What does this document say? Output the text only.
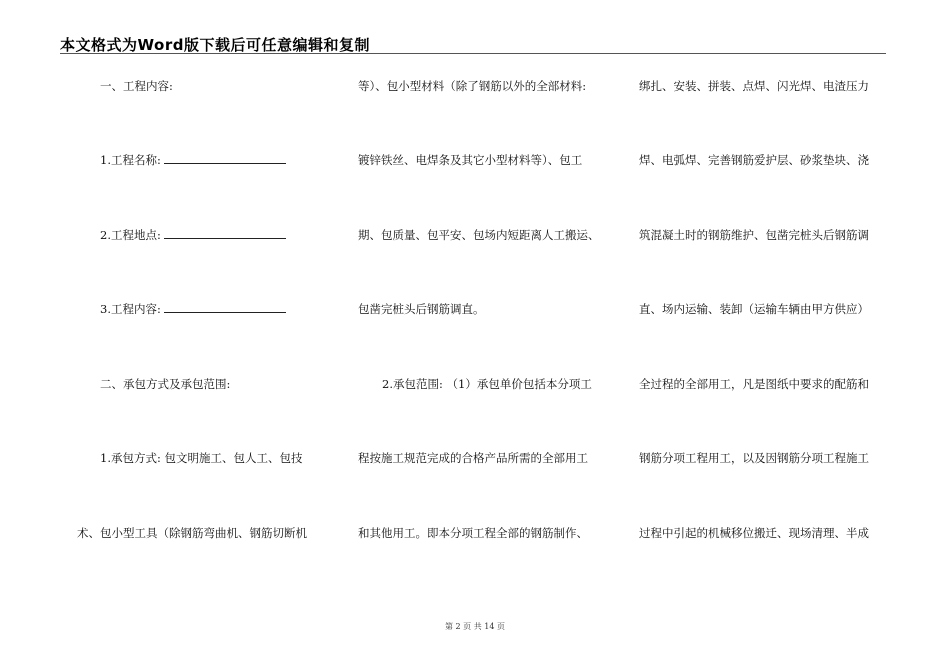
本文格式为Word版下载后可任意编辑和复制
一、工程内容:
1.工程名称:
2.工程地点:
3.工程内容:
二、承包方式及承包范围:
1.承包方式: 包文明施工、包人工、包技
术、包小型工具（除钢筋弯曲机、钢筋切断机
等）、包小型材料（除了钢筋以外的全部材料:
镀锌铁丝、电焊条及其它小型材料等）、包工
期、包质量、包平安、包场内短距离人工搬运、
包凿完桩头后钢筋调直。
2.承包范围: （1）承包单价包括本分项工
程按施工规范完成的合格产品所需的全部用工
和其他用工。即本分项工程全部的钢筋制作、
绑扎、安装、拼装、点焊、闪光焊、电渣压力
焊、电弧焊、完善钢筋爱护层、砂浆垫块、浇
筑混凝土时的钢筋维护、包凿完桩头后钢筋调
直、场内运输、装卸（运输车辆由甲方供应）
全过程的全部用工，凡是图纸中要求的配筋和
钢筋分项工程用工，以及因钢筋分项工程施工
过程中引起的机械移位搬迁、现场清理、半成
第 2 页 共 14 页
